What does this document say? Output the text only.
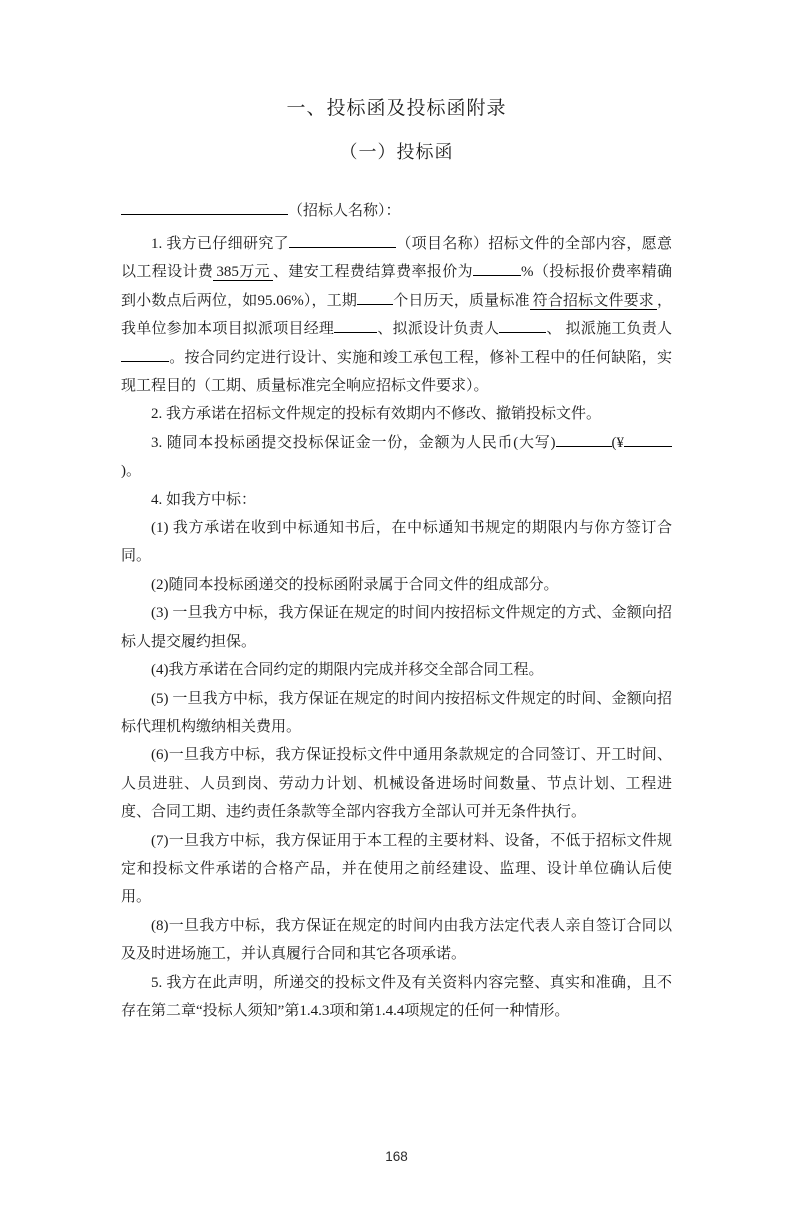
一、投标函及投标函附录
（一）投标函
（招标人名称）：

1. 我方已仔细研究了	（项目名称）招标文件的全部内容，愿意以工程设计费 385万元 、建安工程费结算费率报价为	%（投标报价费率精确到小数点后两位，如95.06%），工期 个日历天，质量标准 符合招标文件要求 ，我单位参加本项目拟派项目经理	、拟派设计负责人	、 拟派施工负责人。按合同约定进行设计、实施和竣工承包工程，修补工程中的任何缺陷，实现工程目的（工期、质量标准完全响应招标文件要求）。

2. 我方承诺在招标文件规定的投标有效期内不修改、撤销投标文件。

3. 随同本投标函提交投标保证金一份，金额为人民币(大写)	(¥)。

4. 如我方中标：

(1) 我方承诺在收到中标通知书后，在中标通知书规定的期限内与你方签订合同。

(2)随同本投标函递交的投标函附录属于合同文件的组成部分。

(3) 一旦我方中标，我方保证在规定的时间内按招标文件规定的方式、金额向招标人提交履约担保。

(4)我方承诺在合同约定的期限内完成并移交全部合同工程。

(5) 一旦我方中标，我方保证在规定的时间内按招标文件规定的时间、金额向招标代理机构缴纳相关费用。

(6)一旦我方中标，我方保证投标文件中通用条款规定的合同签订、开工时间、人员进驻、人员到岗、劳动力计划、机械设备进场时间数量、节点计划、工程进度、合同工期、违约责任条款等全部内容我方全部认可并无条件执行。

(7)一旦我方中标，我方保证用于本工程的主要材料、设备，不低于招标文件规定和投标文件承诺的合格产品，并在使用之前经建设、监理、设计单位确认后使用。

(8)一旦我方中标，我方保证在规定的时间内由我方法定代表人亲自签订合同以及及时进场施工，并认真履行合同和其它各项承诺。

5. 我方在此声明，所递交的投标文件及有关资料内容完整、真实和准确，且不存在第二章“投标人须知”第1.4.3项和第1.4.4项规定的任何一种情形。

168
